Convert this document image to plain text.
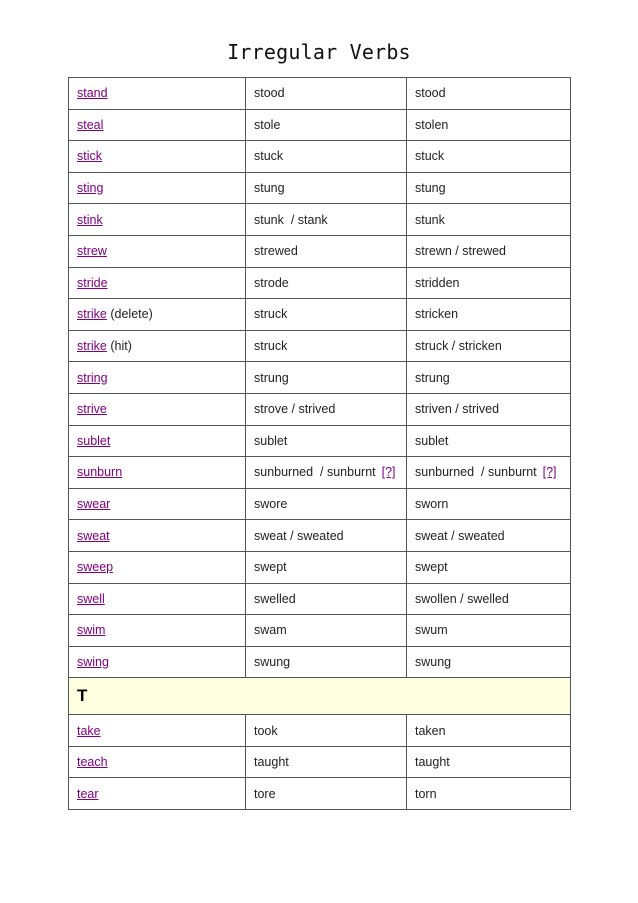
Irregular Verbs
stand	stood	stood
steal	stole	stolen
stick	stuck	stuck
sting	stung	stung
stink	stunk  / stank	stunk
strew	strewed	strewn / strewed
stride	strode	stridden
strike (delete)	struck	stricken
strike (hit)	struck	struck / stricken
string	strung	strung
strive	strove / strived	striven / strived
sublet	sublet	sublet
sunburn	sunburned  / sunburnt [?]	sunburned  / sunburnt [?]
swear	swore	sworn
sweat	sweat / sweated	sweat / sweated
sweep	swept	swept
swell	swelled	swollen / swelled
swim	swam	swum
swing	swung	swung
T		
take	took	taken
teach	taught	taught
tear	tore	torn
